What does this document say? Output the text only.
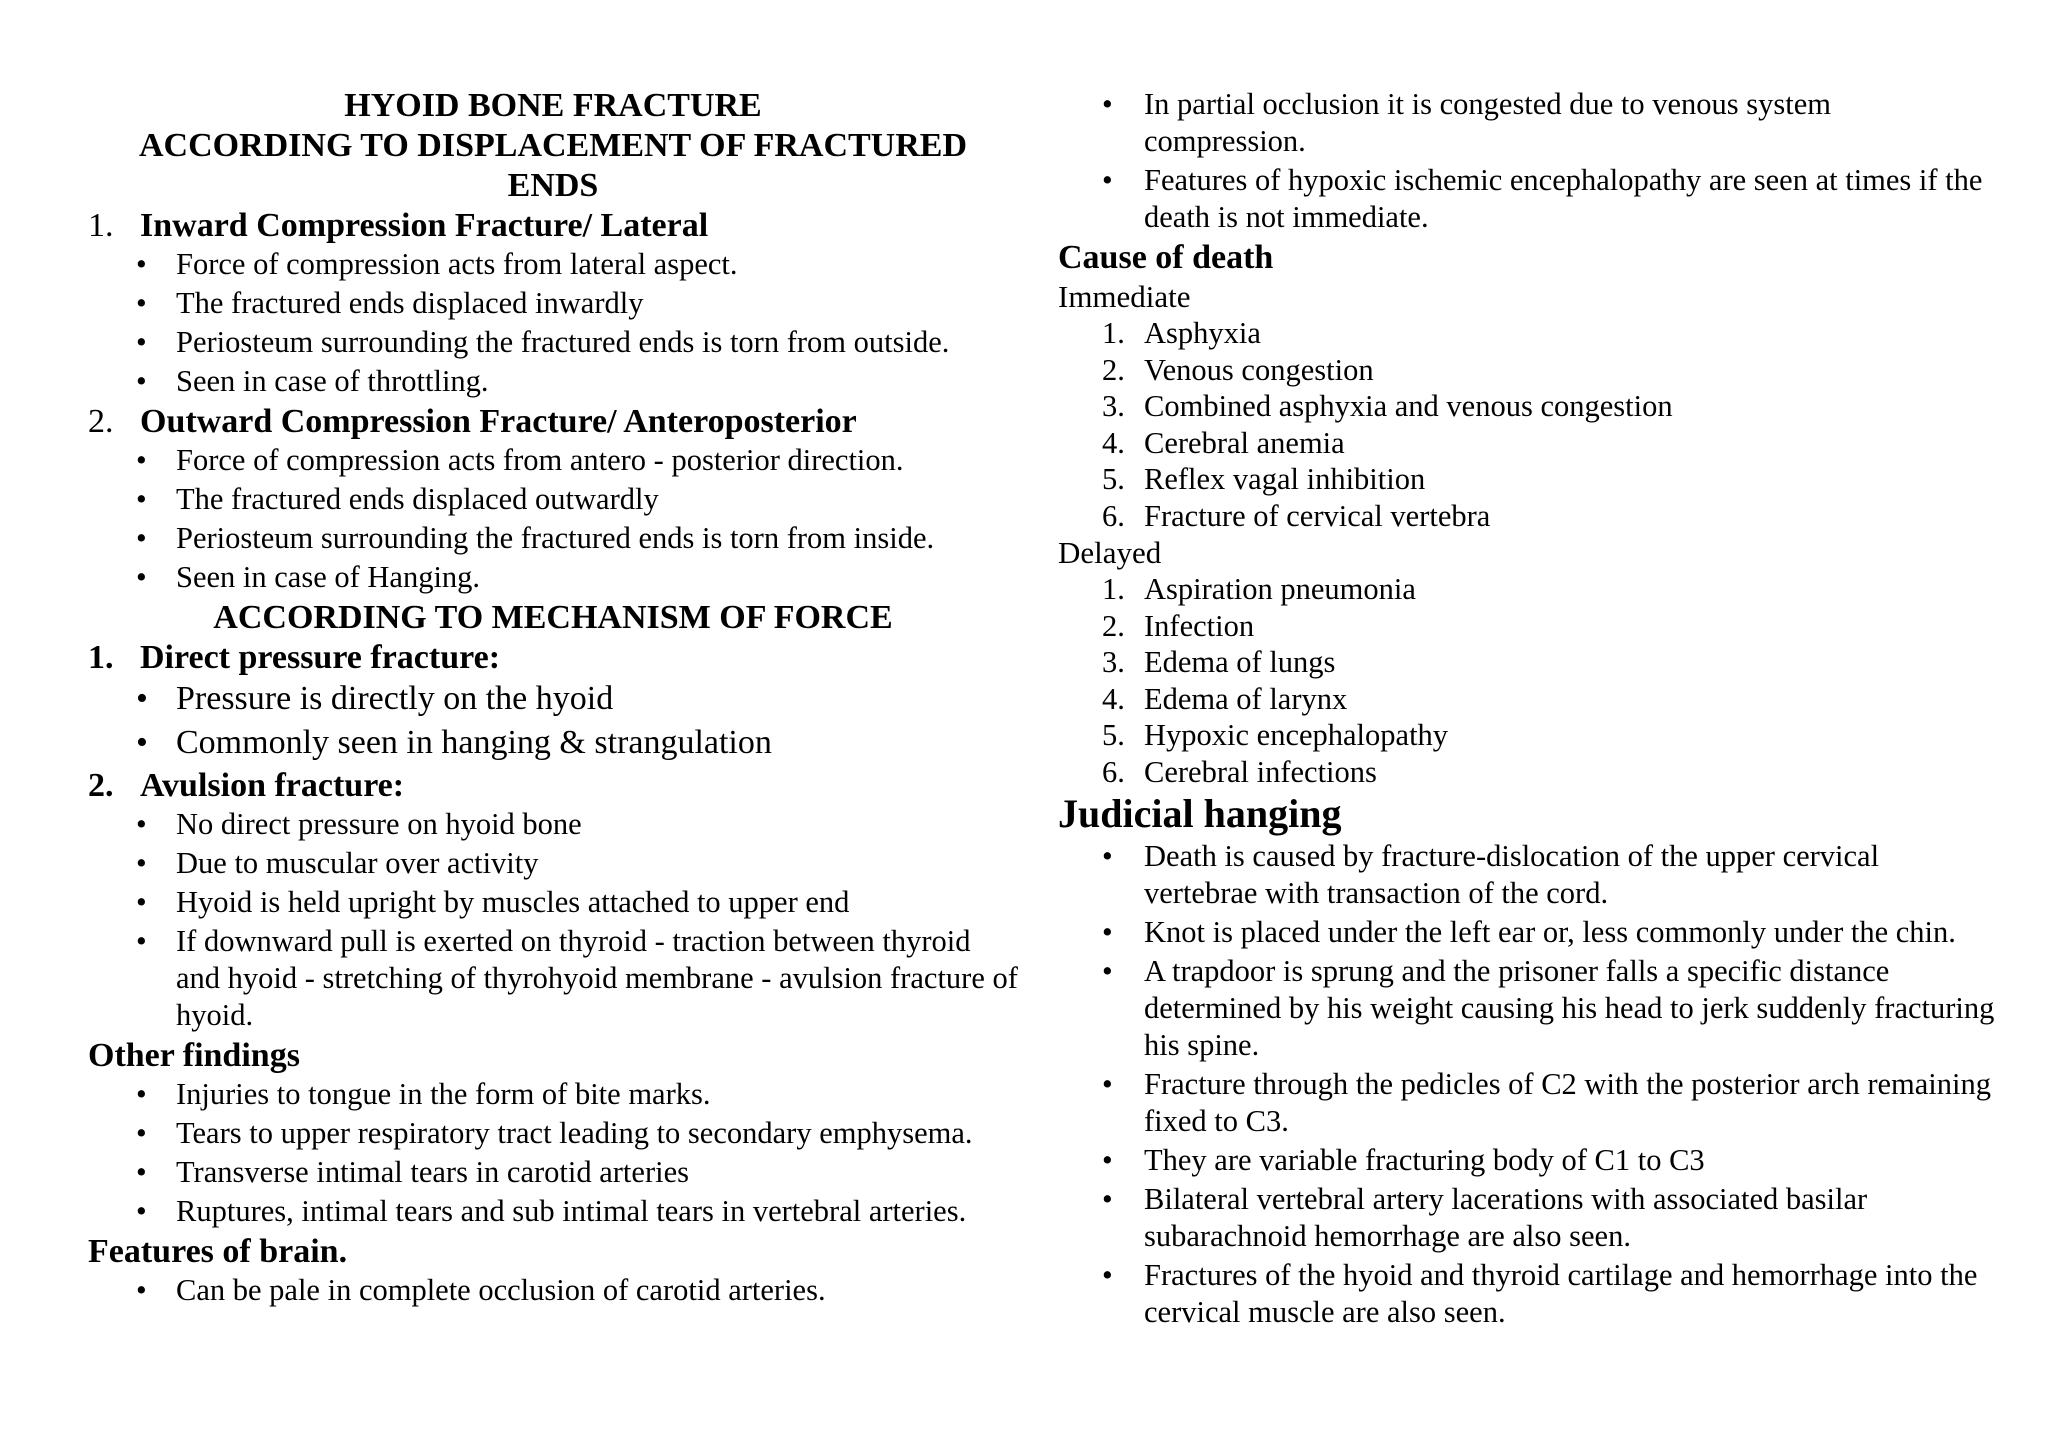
HYOID BONE FRACTURE
ACCORDING TO DISPLACEMENT OF FRACTURED
ENDS
1. Inward Compression Fracture/ Lateral
• Force of compression acts from lateral aspect.
• The fractured ends displaced inwardly
• Periosteum surrounding the fractured ends is torn from outside.
• Seen in case of throttling.
2. Outward Compression Fracture/ Anteroposterior
• Force of compression acts from antero - posterior direction.
• The fractured ends displaced outwardly
• Periosteum surrounding the fractured ends is torn from inside.
• Seen in case of Hanging.
ACCORDING TO MECHANISM OF FORCE
1. Direct pressure fracture:
• Pressure is directly on the hyoid
• Commonly seen in hanging & strangulation
2. Avulsion fracture:
• No direct pressure on hyoid bone
• Due to muscular over activity
• Hyoid is held upright by muscles attached to upper end
• If downward pull is exerted on thyroid - traction between thyroid and hyoid - stretching of thyrohyoid membrane - avulsion fracture of hyoid.
Other findings
• Injuries to tongue in the form of bite marks.
• Tears to upper respiratory tract leading to secondary emphysema.
• Transverse intimal tears in carotid arteries
• Ruptures, intimal tears and sub intimal tears in vertebral arteries.
Features of brain.
• Can be pale in complete occlusion of carotid arteries.
• In partial occlusion it is congested due to venous system compression.
• Features of hypoxic ischemic encephalopathy are seen at times if the death is not immediate.
Cause of death
Immediate
1. Asphyxia
2. Venous congestion
3. Combined asphyxia and venous congestion
4. Cerebral anemia
5. Reflex vagal inhibition
6. Fracture of cervical vertebra
Delayed
1. Aspiration pneumonia
2. Infection
3. Edema of lungs
4. Edema of larynx
5. Hypoxic encephalopathy
6. Cerebral infections
Judicial hanging
• Death is caused by fracture-dislocation of the upper cervical vertebrae with transaction of the cord.
• Knot is placed under the left ear or, less commonly under the chin.
• A trapdoor is sprung and the prisoner falls a specific distance determined by his weight causing his head to jerk suddenly fracturing his spine.
• Fracture through the pedicles of C2 with the posterior arch remaining fixed to C3.
• They are variable fracturing body of C1 to C3
• Bilateral vertebral artery lacerations with associated basilar subarachnoid hemorrhage are also seen.
• Fractures of the hyoid and thyroid cartilage and hemorrhage into the cervical muscle are also seen.
